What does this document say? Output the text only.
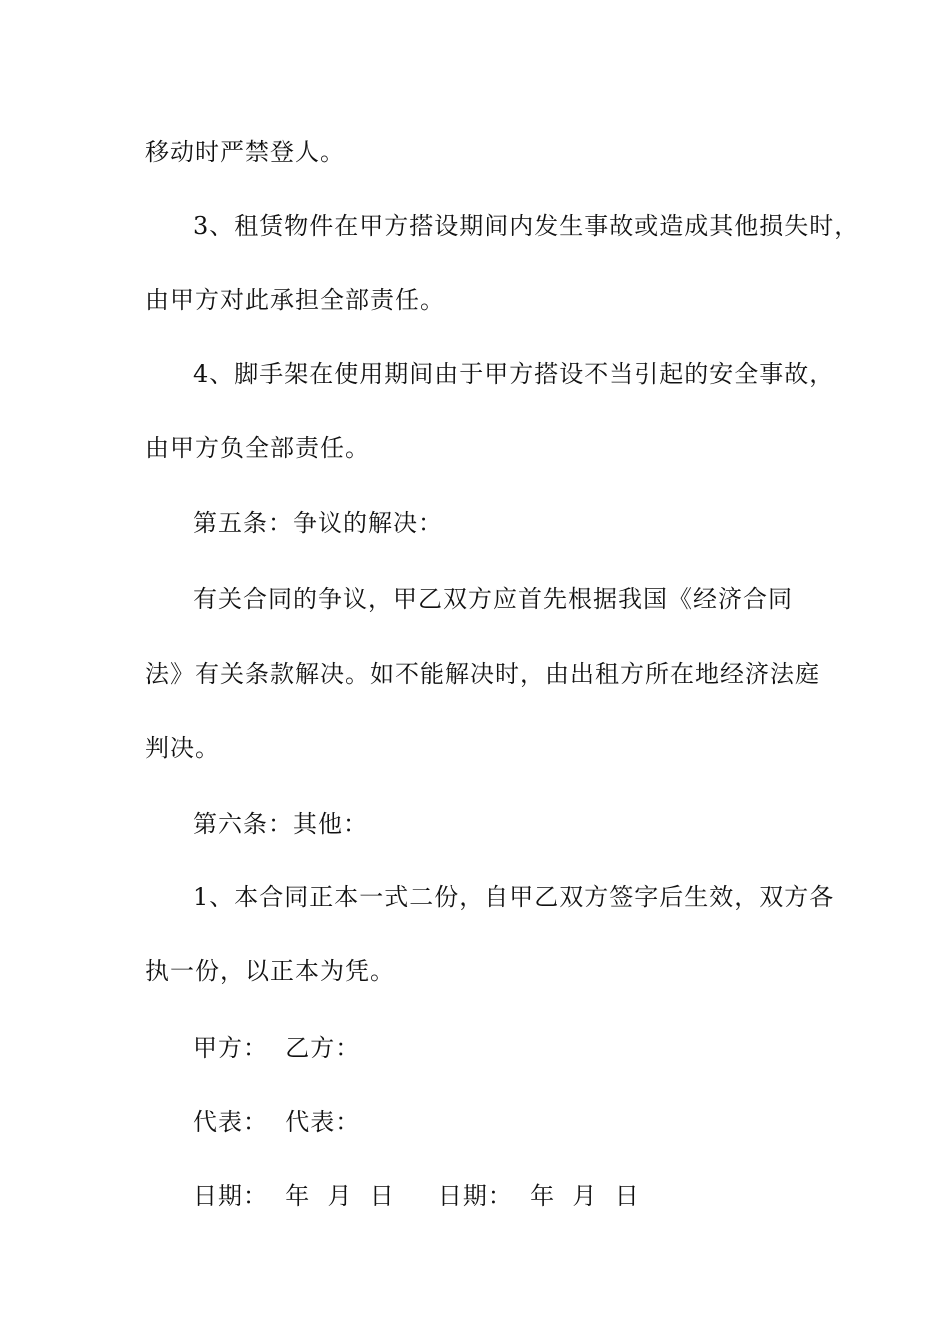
移动时严禁登人。
3、租赁物件在甲方搭设期间内发生事故或造成其他损失时，
由甲方对此承担全部责任。
4、脚手架在使用期间由于甲方搭设不当引起的安全事故，
由甲方负全部责任。
第五条：争议的解决：
有关合同的争议，甲乙双方应首先根据我国《经济合同
法》有关条款解决。如不能解决时，由出租方所在地经济法庭
判决。
第六条：其他：
1、本合同正本一式二份，自甲乙双方签字后生效，双方各
执一份，以正本为凭。
甲方：  乙方：
代表：  代表：
日期：  年  月  日     日期：  年  月  日
